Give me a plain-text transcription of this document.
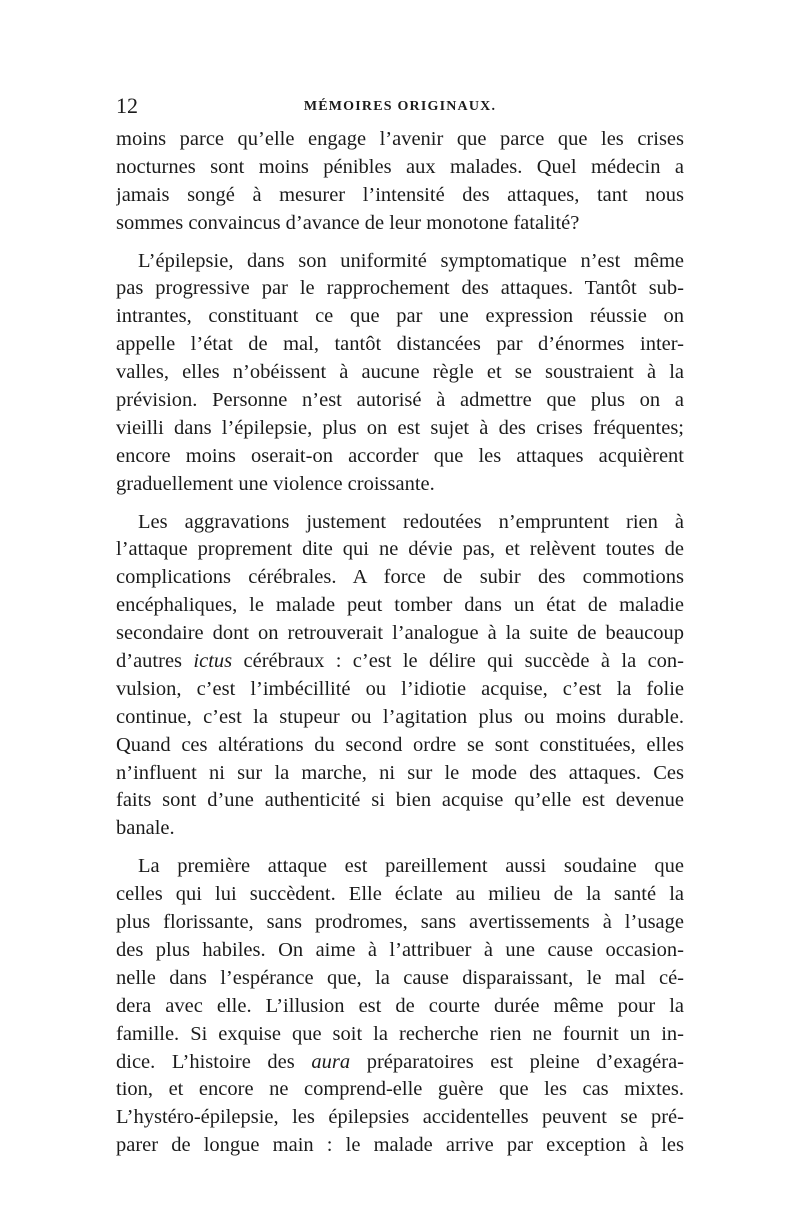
12	MÉMOIRES ORIGINAUX.
moins parce qu’elle engage l’avenir que parce que les crises
nocturnes sont moins pénibles aux malades. Quel médecin a
jamais songé à mesurer l’intensité des attaques, tant nous
sommes convaincus d’avance de leur monotone fatalité?
L’épilepsie, dans son uniformité symptomatique n’est même
pas progressive par le rapprochement des attaques. Tantôt sub-
intrantes, constituant ce que par une expression réussie on
appelle l’état de mal, tantôt distancées par d’énormes inter-
valles, elles n’obéissent à aucune règle et se soustraient à la
prévision. Personne n’est autorisé à admettre que plus on a
vieilli dans l’épilepsie, plus on est sujet à des crises fréquentes;
encore moins oserait-on accorder que les attaques acquièrent
graduellement une violence croissante.
Les aggravations justement redoutées n’empruntent rien à
l’attaque proprement dite qui ne dévie pas, et relèvent toutes de
complications cérébrales. A force de subir des commotions
encéphaliques, le malade peut tomber dans un état de maladie
secondaire dont on retrouverait l’analogue à la suite de beaucoup
d’autres ictus cérébraux : c’est le délire qui succède à la con-
vulsion, c’est l’imbécillité ou l’idiotie acquise, c’est la folie
continue, c’est la stupeur ou l’agitation plus ou moins durable.
Quand ces altérations du second ordre se sont constituées, elles
n’influent ni sur la marche, ni sur le mode des attaques. Ces
faits sont d’une authenticité si bien acquise qu’elle est devenue
banale.
La première attaque est pareillement aussi soudaine que
celles qui lui succèdent. Elle éclate au milieu de la santé la
plus florissante, sans prodromes, sans avertissements à l’usage
des plus habiles. On aime à l’attribuer à une cause occasion-
nelle dans l’espérance que, la cause disparaissant, le mal cé-
dera avec elle. L’illusion est de courte durée même pour la
famille. Si exquise que soit la recherche rien ne fournit un in-
dice. L’histoire des aura préparatoires est pleine d’exagéra-
tion, et encore ne comprend-elle guère que les cas mixtes.
L’hystéro-épilepsie, les épilepsies accidentelles peuvent se pré-
parer de longue main : le malade arrive par exception à les
